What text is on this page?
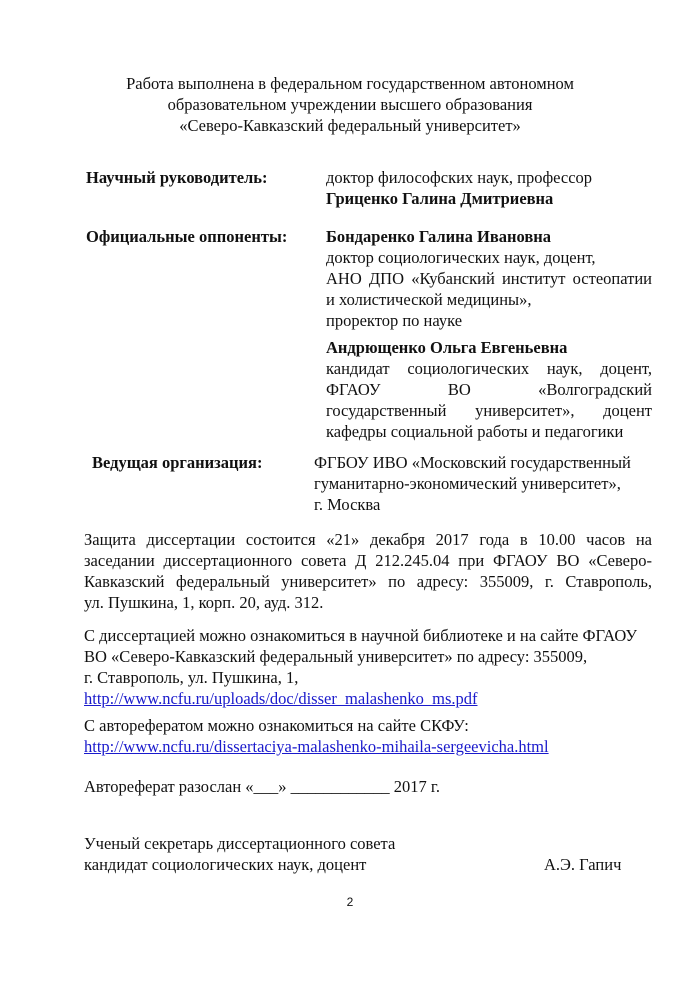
Работа выполнена в федеральном государственном автономном
образовательном учреждении высшего образования
«Северо-Кавказский федеральный университет»
Научный руководитель:	доктор философских наук, профессор
Гриценко Галина Дмитриевна
Официальные оппоненты: Бондаренко Галина Ивановна
доктор социологических наук, доцент,
АНО ДПО «Кубанский институт остеопатии
и холистической медицины»,
проректор по науке
Андрющенко Ольга Евгеньевна
кандидат социологических наук, доцент,
ФГАОУ ВО «Волгоградский
государственный университет», доцент
кафедры социальной работы и педагогики
Ведущая организация:	ФГБОУ ИВО «Московский государственный
гуманитарно-экономический университет»,
г. Москва
Защита диссертации состоится «21» декабря 2017 года в 10.00 часов на
заседании диссертационного совета Д 212.245.04 при ФГАОУ ВО «Северо-
Кавказский федеральный университет» по адресу: 355009, г. Ставрополь,
ул. Пушкина, 1, корп. 20, ауд. 312.
С диссертацией можно ознакомиться в научной библиотеке и на сайте ФГАОУ
ВО «Северо-Кавказский федеральный университет» по адресу: 355009,
г. Ставрополь, ул. Пушкина, 1,
http://www.ncfu.ru/uploads/doc/disser_malashenko_ms.pdf
С авторефератом можно ознакомиться на сайте СКФУ:
http://www.ncfu.ru/dissertaciya-malashenko-mihaila-sergeevicha.html
Автореферат разослан «___» ____________ 2017 г.
Ученый секретарь диссертационного совета
кандидат социологических наук, доцент	А.Э. Гапич
2
